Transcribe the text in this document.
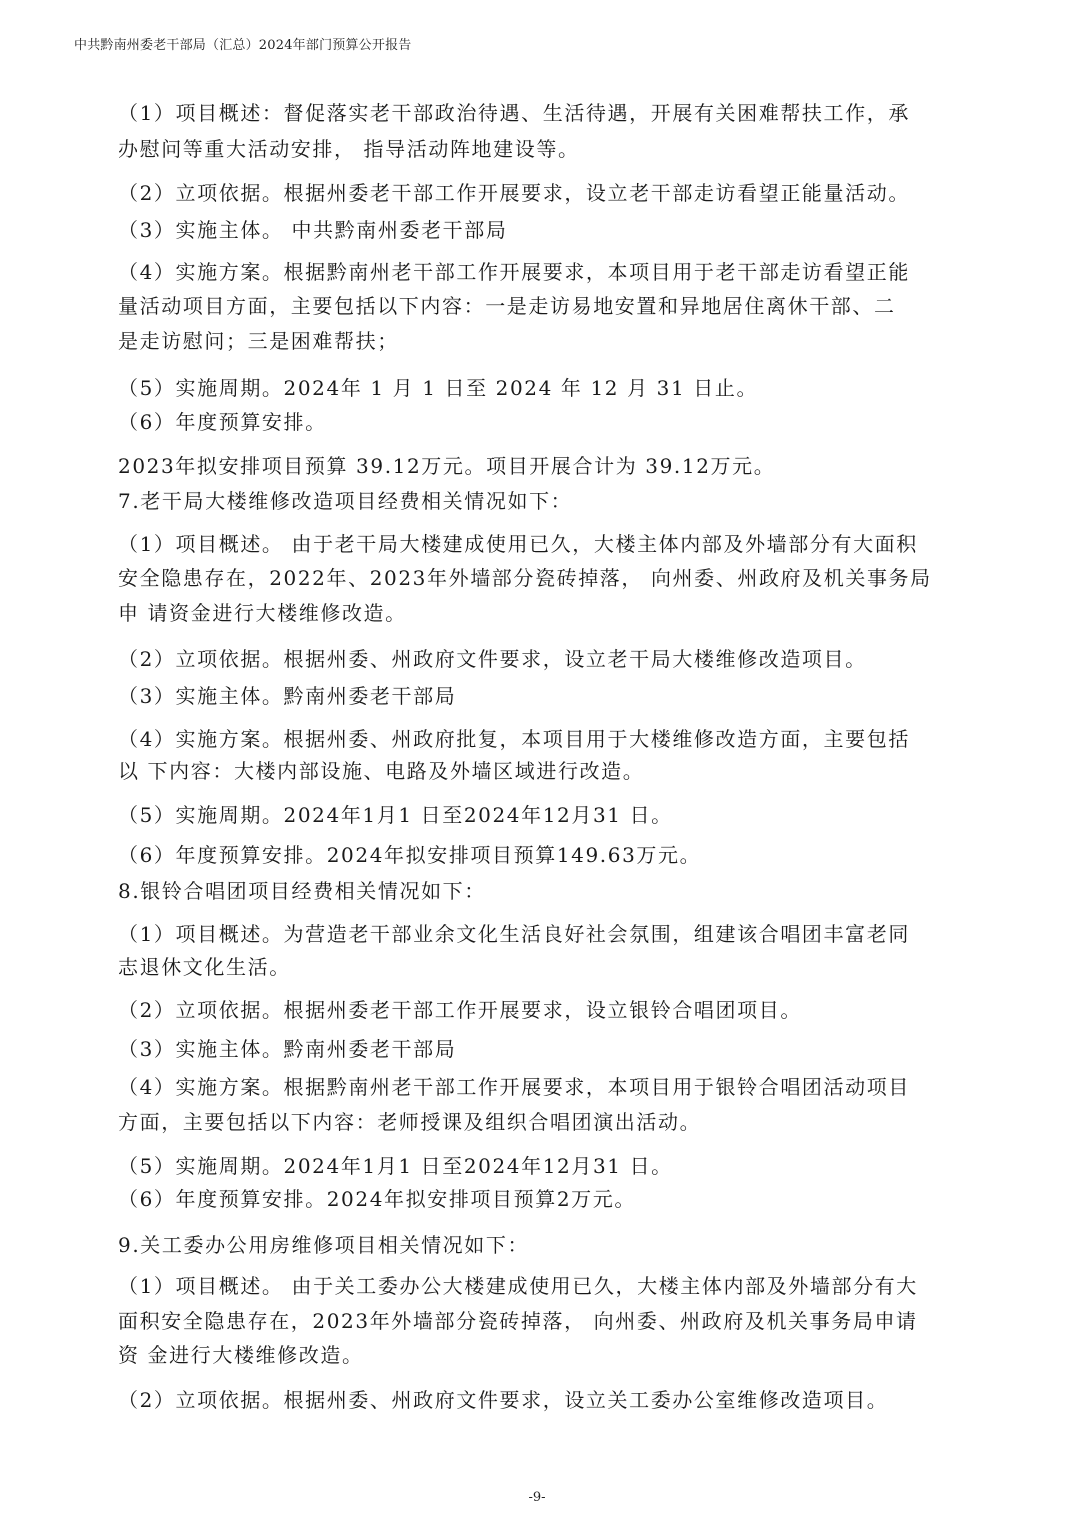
中共黔南州委老干部局（汇总）2024年部门预算公开报告
（1）项目概述：督促落实老干部政治待遇、生活待遇，开展有关困难帮扶工作，承
办慰问等重大活动安排， 指导活动阵地建设等。
（2）立项依据。根据州委老干部工作开展要求，设立老干部走访看望正能量活动。
（3）实施主体。 中共黔南州委老干部局
（4）实施方案。根据黔南州老干部工作开展要求，本项目用于老干部走访看望正能
量活动项目方面，主要包括以下内容：一是走访易地安置和异地居住离休干部、二
是走访慰问；三是困难帮扶；
（5）实施周期。2024年 1 月 1 日至 2024 年 12 月 31 日止。
（6）年度预算安排。
2023年拟安排项目预算 39.12万元。项目开展合计为 39.12万元。
7.老干局大楼维修改造项目经费相关情况如下：
（1）项目概述。 由于老干局大楼建成使用已久，大楼主体内部及外墙部分有大面积
安全隐患存在，2022年、2023年外墙部分瓷砖掉落， 向州委、州政府及机关事务局
申 请资金进行大楼维修改造。
（2）立项依据。根据州委、州政府文件要求，设立老干局大楼维修改造项目。
（3）实施主体。黔南州委老干部局
（4）实施方案。根据州委、州政府批复，本项目用于大楼维修改造方面，主要包括
以 下内容：大楼内部设施、电路及外墙区域进行改造。
（5）实施周期。2024年1月1 日至2024年12月31 日。
（6）年度预算安排。2024年拟安排项目预算149.63万元。
8.银铃合唱团项目经费相关情况如下：
（1）项目概述。为营造老干部业余文化生活良好社会氛围，组建该合唱团丰富老同
志退休文化生活。
（2）立项依据。根据州委老干部工作开展要求，设立银铃合唱团项目。
（3）实施主体。黔南州委老干部局
（4）实施方案。根据黔南州老干部工作开展要求，本项目用于银铃合唱团活动项目
方面，主要包括以下内容：老师授课及组织合唱团演出活动。
（5）实施周期。2024年1月1 日至2024年12月31 日。
（6）年度预算安排。2024年拟安排项目预算2万元。
9.关工委办公用房维修项目相关情况如下：
（1）项目概述。 由于关工委办公大楼建成使用已久，大楼主体内部及外墙部分有大
面积安全隐患存在，2023年外墙部分瓷砖掉落， 向州委、州政府及机关事务局申请
资 金进行大楼维修改造。
（2）立项依据。根据州委、州政府文件要求，设立关工委办公室维修改造项目。
-9-
